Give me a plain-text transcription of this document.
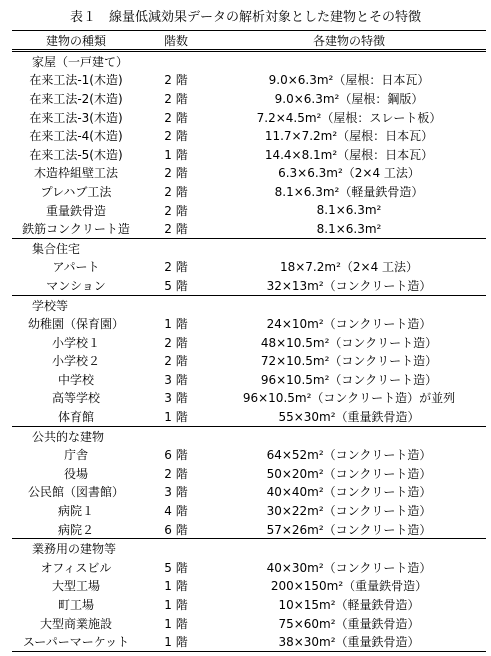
表１　線量低減効果データの解析対象とした建物とその特徴
建物の種類	階数	各建物の特徴
家屋（一戸建て）
在来工法-1(木造)	2 階	9.0×6.3m²（屋根：日本瓦）
在来工法-2(木造)	2 階	9.0×6.3m²（屋根：鋼版）
在来工法-3(木造)	2 階	7.2×4.5m²（屋根：スレート板）
在来工法-4(木造)	2 階	11.7×7.2m²（屋根：日本瓦）
在来工法-5(木造)	1 階	14.4×8.1m²（屋根：日本瓦）
木造枠組壁工法	2 階	6.3×6.3m²（2×4 工法）
プレハブ工法	2 階	8.1×6.3m²（軽量鉄骨造）
重量鉄骨造	2 階	8.1×6.3m²
鉄筋コンクリート造	2 階	8.1×6.3m²
集合住宅
アパート	2 階	18×7.2m²（2×4 工法）
マンション	5 階	32×13m²（コンクリート造）
学校等
幼稚園（保育園）	1 階	24×10m²（コンクリート造）
小学校１	2 階	48×10.5m²（コンクリート造）
小学校２	2 階	72×10.5m²（コンクリート造）
中学校	3 階	96×10.5m²（コンクリート造）
高等学校	3 階	96×10.5m²（コンクリート造）が並列
体育館	1 階	55×30m²（重量鉄骨造）
公共的な建物
庁舎	6 階	64×52m²（コンクリート造）
役場	2 階	50×20m²（コンクリート造）
公民館（図書館）	3 階	40×40m²（コンクリート造）
病院１	4 階	30×22m²（コンクリート造）
病院２	6 階	57×26m²（コンクリート造）
業務用の建物等
オフィスビル	5 階	40×30m²（コンクリート造）
大型工場	1 階	200×150m²（重量鉄骨造）
町工場	1 階	10×15m²（軽量鉄骨造）
大型商業施設	1 階	75×60m²（重量鉄骨造）
スーパーマーケット	1 階	38×30m²（重量鉄骨造）
